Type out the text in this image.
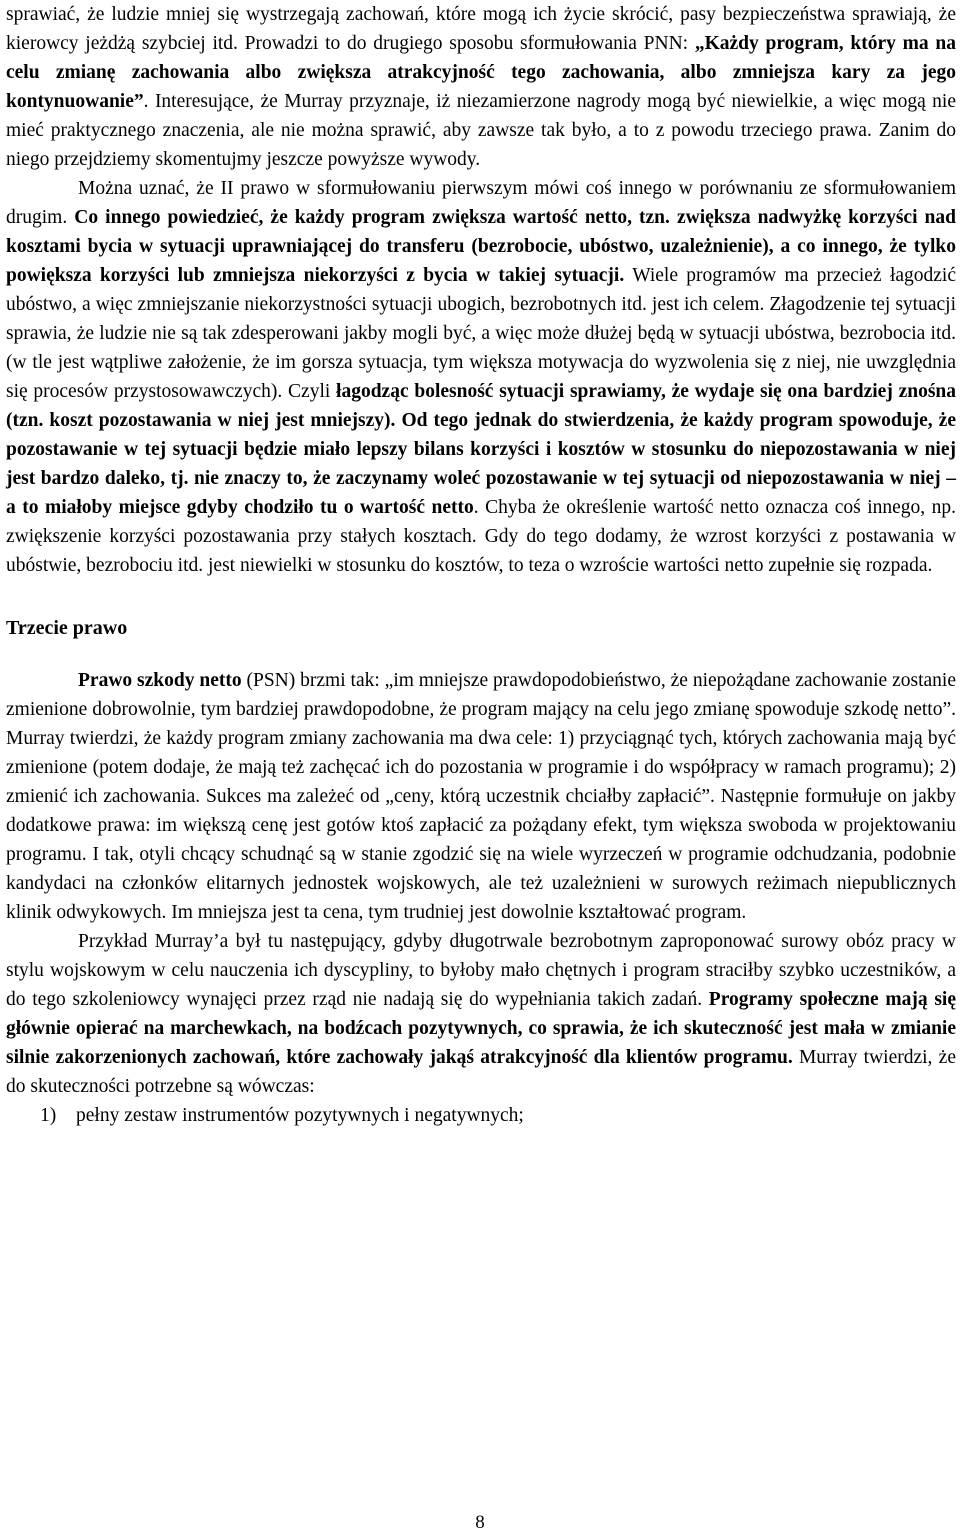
sprawiać, że ludzie mniej się wystrzegają zachowań, które mogą ich życie skrócić, pasy bezpieczeństwa sprawiają, że kierowcy jeżdżą szybciej itd. Prowadzi to do drugiego sposobu sformułowania PNN: „Każdy program, który ma na celu zmianę zachowania albo zwiększa atrakcyjność tego zachowania, albo zmniejsza kary za jego kontynuowanie”. Interesujące, że Murray przyznaje, iż niezamierzone nagrody mogą być niewielkie, a więc mogą nie mieć praktycznego znaczenia, ale nie można sprawić, aby zawsze tak było, a to z powodu trzeciego prawa. Zanim do niego przejdziemy skomentujmy jeszcze powyższe wywody.

Można uznać, że II prawo w sformułowaniu pierwszym mówi coś innego w porównaniu ze sformułowaniem drugim. Co innego powiedzieć, że każdy program zwiększa wartość netto, tzn. zwiększa nadwyżkę korzyści nad kosztami bycia w sytuacji uprawniającej do transferu (bezrobocie, ubóstwo, uzależnienie), a co innego, że tylko powiększa korzyści lub zmniejsza niekorzyści z bycia w takiej sytuacji. Wiele programów ma przecież łagodzić ubóstwo, a więc zmniejszanie niekorzystności sytuacji ubogich, bezrobotnych itd. jest ich celem. Złagodzenie tej sytuacji sprawia, że ludzie nie są tak zdesperowani jakby mogli być, a więc może dłużej będą w sytuacji ubóstwa, bezrobocia itd. (w tle jest wątpliwe założenie, że im gorsza sytuacja, tym większa motywacja do wyzwolenia się z niej, nie uwzględnia się procesów przystosowawczych). Czyli łagodząc bolesność sytuacji sprawiamy, że wydaje się ona bardziej znośna (tzn. koszt pozostawania w niej jest mniejszy). Od tego jednak do stwierdzenia, że każdy program spowoduje, że pozostawanie w tej sytuacji będzie miało lepszy bilans korzyści i kosztów w stosunku do niepozostawania w niej jest bardzo daleko, tj. nie znaczy to, że zaczynamy woleć pozostawanie w tej sytuacji od niepozostawania w niej – a to miałoby miejsce gdyby chodziło tu o wartość netto. Chyba że określenie wartość netto oznacza coś innego, np. zwiększenie korzyści pozostawania przy stałych kosztach. Gdy do tego dodamy, że wzrost korzyści z postawania w ubóstwie, bezrobociu itd. jest niewielki w stosunku do kosztów, to teza o wzroście wartości netto zupełnie się rozpada.

Trzecie prawo

Prawo szkody netto (PSN) brzmi tak: „im mniejsze prawdopodobieństwo, że niepożądane zachowanie zostanie zmienione dobrowolnie, tym bardziej prawdopodobne, że program mający na celu jego zmianę spowoduje szkodę netto”. Murray twierdzi, że każdy program zmiany zachowania ma dwa cele: 1) przyciągnąć tych, których zachowania mają być zmienione (potem dodaje, że mają też zachęcać ich do pozostania w programie i do współpracy w ramach programu); 2) zmienić ich zachowania. Sukces ma zależeć od „ceny, którą uczestnik chciałby zapłacić”. Następnie formułuje on jakby dodatkowe prawa: im większą cenę jest gotów ktoś zapłacić za pożądany efekt, tym większa swoboda w projektowaniu programu. I tak, otyli chcący schudnąć są w stanie zgodzić się na wiele wyrzeczeń w programie odchudzania, podobnie kandydaci na członków elitarnych jednostek wojskowych, ale też uzależnieni w surowych reżimach niepublicznych klinik odwykowych. Im mniejsza jest ta cena, tym trudniej jest dowolnie kształtować program.

Przykład Murray’a był tu następujący, gdyby długotrwale bezrobotnym zaproponować surowy obóz pracy w stylu wojskowym w celu nauczenia ich dyscypliny, to byłoby mało chętnych i program straciłby szybko uczestników, a do tego szkoleniowcy wynajęci przez rząd nie nadają się do wypełniania takich zadań. Programy społeczne mają się głównie opierać na marchewkach, na bodźcach pozytywnych, co sprawia, że ich skuteczność jest mała w zmianie silnie zakorzenionych zachowań, które zachowały jakąś atrakcyjność dla klientów programu. Murray twierdzi, że do skuteczności potrzebne są wówczas:

1) pełny zestaw instrumentów pozytywnych i negatywnych;
8
